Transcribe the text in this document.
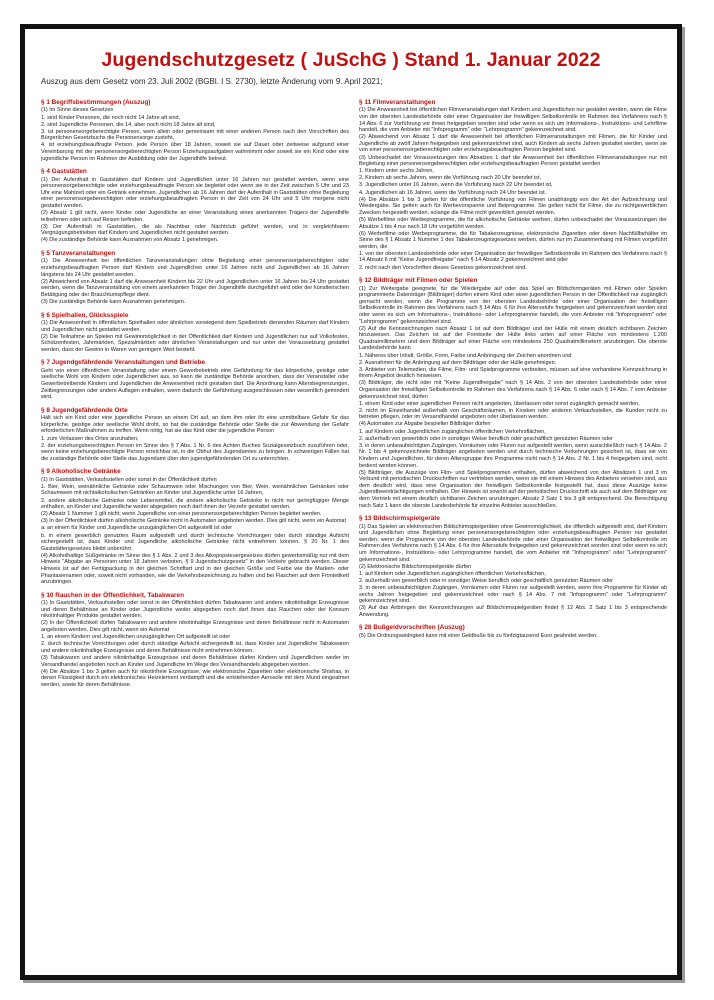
Jugendschutzgesetz ( JuSchG ) Stand 1. Januar 2022
Auszug aus dem Gesetz vom 23. Juli 2002 (BGBl. I S. 2730), letzte Änderung vom 9. April 2021;
§ 1 Begriffsbestimmungen (Auszug)

(1) Im Sinne dieses Gesetzes

1. sind Kinder Personen, die noch nicht 14 Jahre alt sind,

2. sind Jugendliche Personen, die 14, aber noch nicht 18 Jahre alt sind,

3. ist personensorgeberechtigte Person, wem allein oder gemeinsam mit einer anderen Person nach den Vorschriften des Bürgerlichen Gesetzbuchs die Personensorge zusteht,

4. ist erziehungsbeauftragte Person, jede Person über 18 Jahren, soweit sie auf Dauer oder zeitweise aufgrund einer Vereinbarung mit der personensorgeberechtigten Person Erziehungsaufgaben wahrnimmt oder soweit sie ein Kind oder eine jugendliche Person im Rahmen der Ausbildung oder der Jugendhilfe betreut.

§ 4 Gaststätten

(1) Der Aufenthalt in Gaststätten darf Kindern und Jugendlichen unter 16 Jahren nur gestattet werden, wenn eine personensorgeberechtigte oder erziehungsbeauftragte Person sie begleitet oder wenn sie in der Zeit zwischen 5 Uhr und 23 Uhr eine Mahlzeit oder ein Getränk einnehmen. Jugendlichen ab 16 Jahren darf der Aufenthalt in Gaststätten ohne Begleitung einer personensorgeberechtigten oder erziehungsbeauftragten Person in der Zeit von 24 Uhr und 5 Uhr morgens nicht gestattet werden.

(2) Absatz 1 gilt nicht, wenn Kinder oder Jugendliche an einer Veranstaltung eines anerkannten Trägers der Jugendhilfe teilnehmen oder sich auf Reisen befinden.

(3) Der Aufenthalt in Gaststätten, die als Nachtbar oder Nachtclub geführt werden, und in vergleichbaren Vergnügungsbetrieben darf Kindern und Jugendlichen nicht gestattet werden.

(4) Die zuständige Behörde kann Ausnahmen von Absatz 1 genehmigen.

§ 5 Tanzveranstaltungen

(1) Die Anwesenheit bei öffentlichen Tanzveranstaltungen ohne Begleitung einer personensorgeberechtigten oder erziehungsbeauftragten Person darf Kindern und Jugendlichen unter 16 Jahren nicht und Jugendlichen ab 16 Jahren längstens bis 24 Uhr gestattet werden.

(2) Abweichend von Absatz 1 darf die Anwesenheit Kindern bis 22 Uhr und Jugendlichen unter 16 Jahren bis 24 Uhr gestattet werden, wenn die Tanzveranstaltung von einem anerkannten Träger der Jugendhilfe durchgeführt wird oder der künstlerischen Betätigung oder der Brauchtumspflege dient.

(3) Die zuständige Behörde kann Ausnahmen genehmigen.

§ 6 Spielhallen, Glücksspiele

(1) Die Anwesenheit in öffentlichen Spielhallen oder ähnlichen vorwiegend dem Spielbetrieb dienenden Räumen darf Kindern und Jugendlichen nicht gestattet werden.

(2) Die Teilnahme an Spielen mit Gewinnmöglichkeit in der Öffentlichkeit darf Kindern und Jugendlichen nur auf Volksfesten, Schützenfesten, Jahrmärkten, Spezialmärkten oder ähnlichen Veranstaltungen und nur unter der Voraussetzung gestattet werden, dass der Gewinn in Waren von geringem Wert besteht.

§ 7 Jugendgefährdende Veranstaltungen und Betriebe

Geht von einer öffentlichen Veranstaltung oder einem Gewerbebetrieb eine Gefährdung für das körperliche, geistige oder seelische Wohl von Kindern oder Jugendlichen aus, so kann die zuständige Behörde anordnen, dass der Veranstalter oder Gewerbetreibende Kindern und Jugendlichen die Anwesenheit nicht gestatten darf. Die Anordnung kann Altersbegrenzungen, Zeitbegrenzungen oder andere Auflagen enthalten, wenn dadurch die Gefährdung ausgeschlossen oder wesentlich gemindert wird.

§ 8 Jugendgefährdende Orte

Hält sich ein Kind oder eine jugendliche Person an einem Ort auf, an dem ihm oder ihr eine unmittelbare Gefahr für das körperliche, geistige oder seelische Wohl droht, so hat die zuständige Behörde oder Stelle die zur Abwendung der Gefahr erforderlichen Maßnahmen zu treffen. Wenn nötig, hat sie das Kind oder die jugendliche Person

1. zum Verlassen des Ortes anzuhalten,

2. der erziehungsberechtigten Person im Sinne des § 7 Abs. 1 Nr. 6 des Achten Buches Sozialgesetzbuch zuzuführen oder, wenn keine erziehungsberechtigte Person erreichbar ist, in die Obhut des Jugendamtes zu bringen. In schwierigen Fällen hat die zuständige Behörde oder Stelle das Jugendamt über den jugendgefährdenden Ort zu unterrichten.

§ 9 Alkoholische Getränke

(1) In Gaststätten, Verkaufsstellen oder sonst in der Öffentlichkeit dürfen

1. Bier, Wein, weinähnliche Getränke oder Schaumwein oder Mischungen von Bier, Wein, weinähnlichen Getränken oder Schaumwein mit nichtalkoholischen Getränken an Kinder und Jugendliche unter 16 Jahren,

2. andere alkoholische Getränke oder Lebensmittel, die andere alkoholische Getränke in nicht nur geringfügiger Menge enthalten, an Kinder und Jugendliche weder abgegeben noch darf ihnen der Verzehr gestattet werden.

(2) Absatz 1 Nummer 1 gilt nicht, wenn Jugendliche von einer personensorgeberechtigten Person begleitet werden.

(3) In der Öffentlichkeit dürfen alkoholische Getränke nicht in Automaten angeboten werden. Dies gilt nicht, wenn ein Automat

a. an einem für Kinder und Jugendliche unzugänglichen Ort aufgestellt ist oder

b. in einem gewerblich genutzten Raum aufgestellt und durch technische Vorrichtungen oder durch ständige Aufsicht sichergestellt ist, dass Kinder und Jugendliche alkoholische Getränke nicht entnehmen können. § 20 Nr. 1 des Gaststättengesetzes bleibt unberührt.

(4) Alkoholhaltige Süßgetränke im Sinne des § 1 Abs. 2 und 3 des Alkopopsteuergesetzes dürfen gewerbsmäßig nur mit dem Hinweis "Abgabe an Personen unter 18 Jahren verboten, § 9 Jugendschutzgesetz" in den Verkehr gebracht werden. Dieser Hinweis ist auf der Fertigpackung in der gleichen Schriftart und in der gleichen Größe und Farbe wie die Marken- oder Phantasienamen oder, soweit nicht vorhanden, wie die Verkehrsbezeichnung zu halten und bei Flaschen auf dem Frontetikett anzubringen.

§ 10 Rauchen in der Öffentlichkeit, Tabakwaren

(1) In Gaststätten, Verkaufsstellen oder sonst in der Öffentlichkeit dürfen Tabakwaren und andere nikotinhaltige Erzeugnisse und deren Behältnisse an Kinder oder Jugendliche weder abgegeben noch darf ihnen das Rauchen oder der Konsum nikotinhaltiger Produkte gestattet werden.

(2) In der Öffentlichkeit dürfen Tabakwaren und andere nikotinhaltige Erzeugnisse und deren Behältnisse nicht in Automaten angeboten werden. Dies gilt nicht, wenn ein Automat

1. an einem Kindern und Jugendlichen unzugänglichen Ort aufgestellt ist oder

2. durch technische Vorrichtungen oder durch ständige Aufsicht sichergestellt ist, dass Kinder und Jugendliche Tabakwaren und andere nikotinhaltige Erzeugnisse und deren Behältnisse nicht entnehmen können.

(3) Tabakwaren und andere nikotinhaltige Erzeugnisse und deren Behältnisse dürfen Kindern und Jugendlichen weder im Versandhandel angeboten noch an Kinder und Jugendliche im Wege des Versandhandels abgegeben werden.

(4) Die Absätze 1 bis 3 gelten auch für nikotinfreie Erzeugnisse, wie elektronische Zigaretten oder elektronische Shishas, in denen Flüssigkeit durch ein elektronisches Heizelement verdampft und die entstehenden Aerosole mit dem Mund eingeatmet werden, sowie für deren Behältnisse.

§ 11 Filmveranstaltungen

(1) Die Anwesenheit bei öffentlichen Filmveranstaltungen darf Kindern und Jugendlichen nur gestattet werden, wenn die Filme von der obersten Landesbehörde oder einer Organisation der freiwilligen Selbstkontrolle im Rahmen des Verfahrens nach § 14 Abs. 6 zur Vorführung vor ihnen freigegeben worden sind oder wenn es sich um Informations-, Instruktions- und Lehrfilme handelt, die vom Anbieter mit "Infoprogramm" oder "Lehrprogramm" gekennzeichnet sind.

(2) Abweichend von Absatz 1 darf die Anwesenheit bei öffentlichen Filmveranstaltungen mit Filmen, die für Kinder und Jugendliche ab zwölf Jahren freigegeben und gekennzeichnet sind, auch Kindern ab sechs Jahren gestattet werden, wenn sie von einer personensorgeberechtigten oder erziehungsbeauftragten Person begleitet sind.

(3) Unbeschadet der Voraussetzungen des Absatzes 1 darf die Anwesenheit bei öffentlichen Filmveranstaltungen nur mit Begleitung einer personensorgeberechtigten oder erziehungsbeauftragten Person gestattet werden

1. Kindern unter sechs Jahren,

2. Kindern ab sechs Jahren, wenn die Vorführung nach 20 Uhr beendet ist,

3. Jugendlichen unter 16 Jahren, wenn die Vorführung nach 22 Uhr beendet ist,

4. Jugendlichen ab 16 Jahren, wenn die Vorführung nach 24 Uhr beendet ist.

(4) Die Absätze 1 bis 3 gelten für die öffentliche Vorführung von Filmen unabhängig von der Art der Aufzeichnung und Wiedergabe. Sie gelten auch für Werbevorspanne und Beiprogramme. Sie gelten nicht für Filme, die zu nichtgewerblichen Zwecken hergestellt werden, solange die Filme nicht gewerblich genutzt werden.

(5) Werbefilme oder Werbeprogramme, die für alkoholische Getränke werben, dürfen unbeschadet der Voraussetzungen der Absätze 1 bis 4 nur nach 18 Uhr vorgeführt werden.

(6) Werbefilme oder Werbeprogramme, die für Tabakerzeugnisse, elektronische Zigaretten oder deren Nachfüllbehälter im Sinne des § 1 Absatz 1 Nummer 1 des Tabakerzeugnisgesetzes werben, dürfen nur im Zusammenhang mit Filmen vorgeführt werden, die

1. von der obersten Landesbehörde oder einer Organisation der freiwilligen Selbstkontrolle im Rahmen des Verfahrens nach § 14 Absatz 6 mit "Keine Jugendfreigabe" nach § 14 Absatz 2 gekennzeichnet sind oder

2. nicht nach den Vorschriften dieses Gesetzes gekennzeichnet sind.

§ 12 Bildträger mit Filmen oder Spielen

(1) Zur Weitergabe geeignete, für die Wiedergabe auf oder das Spiel an Bildschirmgeräten mit Filmen oder Spielen programmierte Datenträger (Bildträger) dürfen einem Kind oder einer jugendlichen Person in der Öffentlichkeit nur zugänglich gemacht werden, wenn die Programme von der obersten Landesbehörde oder einer Organisation der freiwilligen Selbstkontrolle im Rahmen des Verfahrens nach § 14 Abs. 6 für ihre Altersstufe freigegeben und gekennzeichnet worden sind oder wenn es sich um Informations-, Instruktions- oder Lehrprogramme handelt, die vom Anbieter mit "Infoprogramm" oder "Lehrprogramm" gekennzeichnet sind.

(2) Auf die Kennzeichnungen nach Absatz 1 ist auf dem Bildträger und der Hülle mit einem deutlich sichtbaren Zeichen hinzuweisen. Das Zeichen ist auf der Frontseite der Hülle links unten auf einer Fläche von mindestens 1.200 Quadratmillimetern und dem Bildträger auf einer Fläche von mindestens 250 Quadratmillimetern anzubringen. Die oberste Landesbehörde kann

1. Näheres über Inhalt, Größe, Form, Farbe und Anbringung der Zeichen anordnen und

2. Ausnahmen für die Anbringung auf dem Bildträger oder der Hülle genehmigen.

3. Anbieter von Telemedien, die Filme, Film- und Spielprogramme verbreiten, müssen auf eine vorhandene Kennzeichnung in ihrem Angebot deutlich hinweisen.

(3) Bildträger, die nicht oder mit "Keine Jugendfreigabe" nach § 14 Abs. 2 von der obersten Landesbehörde oder einer Organisation der freiwilligen Selbstkontrolle im Rahmen des Verfahrens nach § 14 Abs. 6 oder nach § 14 Abs. 7 vom Anbieter gekennzeichnet sind, dürfen

1. einem Kind oder einer jugendlichen Person nicht angeboten, überlassen oder sonst zugänglich gemacht werden,

2. nicht im Einzelhandel außerhalb von Geschäftsräumen, in Kiosken oder anderen Verkaufsstellen, die Kunden nicht zu betreten pflegen, oder im Versandhandel angeboten oder überlassen werden.

(4) Automaten zur Abgabe bespielter Bildträger dürfen

1. auf Kindern oder Jugendlichen zugänglichen öffentlichen Verkehrsflächen,

2. außerhalb von gewerblich oder in sonstiger Weise beruflich oder geschäftlich genutzten Räumen oder

3. in deren unbeaufsichtigten Zugängen, Vorräumen oder Fluren nur aufgestellt werden, wenn ausschließlich nach § 14 Abs. 2 Nr. 1 bis 4 gekennzeichnete Bildträger angeboten werden und durch technische Vorkehrungen gesichert ist, dass sie von Kindern und Jugendlichen, für deren Altersgruppe ihre Programme nicht nach § 14 Abs. 2 Nr. 1 bis 4 freigegeben sind, nicht bedient werden können.

(5) Bildträger, die Auszüge von Film- und Spielprogrammen enthalten, dürfen abweichend von den Absätzen 1 und 3 im Verbund mit periodischen Druckschriften nur vertrieben werden, wenn sie mit einem Hinweis des Anbieters versehen sind, aus dem deutlich wird, dass eine Organisation der freiwilligen Selbstkontrolle festgestellt hat, dass diese Auszüge keine Jugendbeeinträchtigungen enthalten. Der Hinweis ist sowohl auf der periodischen Druckschrift als auch auf dem Bildträger vor dem Vertrieb mit einem deutlich sichtbaren Zeichen anzubringen. Absatz 2 Satz 1 bis 3 gilt entsprechend. Die Berechtigung nach Satz 1 kann die oberste Landesbehörde für einzelne Anbieter ausschließen.

§ 13 Bildschirmspielgeräte

(1) Das Spielen an elektronischen Bildschirmspielgeräten ohne Gewinnmöglichkeit, die öffentlich aufgestellt sind, darf Kindern und Jugendlichen ohne Begleitung einer personensorgeberechtigten oder erziehungsbeauftragten Person nur gestattet werden, wenn die Programme von der obersten Landesbehörde oder einer Organisation der freiwilligen Selbstkontrolle im Rahmen des Verfahrens nach § 14 Abs. 6 für ihre Altersstufe freigegeben und gekennzeichnet worden sind oder wenn es sich um Informations-, Instruktions- oder Lehrprogramme handelt, die vom Anbieter mit "Infoprogramm" oder "Lehrprogramm" gekennzeichnet sind.

(2) Elektronische Bildschirmspielgeräte dürfen

1. auf Kindern oder Jugendlichen zugänglichen öffentlichen Verkehrsflächen,

2. außerhalb von gewerblich oder in sonstiger Weise beruflich oder geschäftlich genutzten Räumen oder

3. in deren unbeaufsichtigten Zugängen, Vorräumen oder Fluren nur aufgestellt werden, wenn ihre Programme für Kinder ab sechs Jahren freigegeben und gekennzeichnet oder nach § 14 Abs. 7 mit "Infoprogramm" oder "Lehrprogramm" gekennzeichnet sind.

(3) Auf das Anbringen der Kennzeichnungen auf Bildschirmspielgeräten findet § 12 Abs. 2 Satz 1 bis 3 entsprechende Anwendung.

§ 28 Bußgeldvorschriften (Auszug)

(5) Die Ordnungswidrigkeit kann mit einer Geldbuße bis zu fünfzigtausend Euro geahndet werden.
